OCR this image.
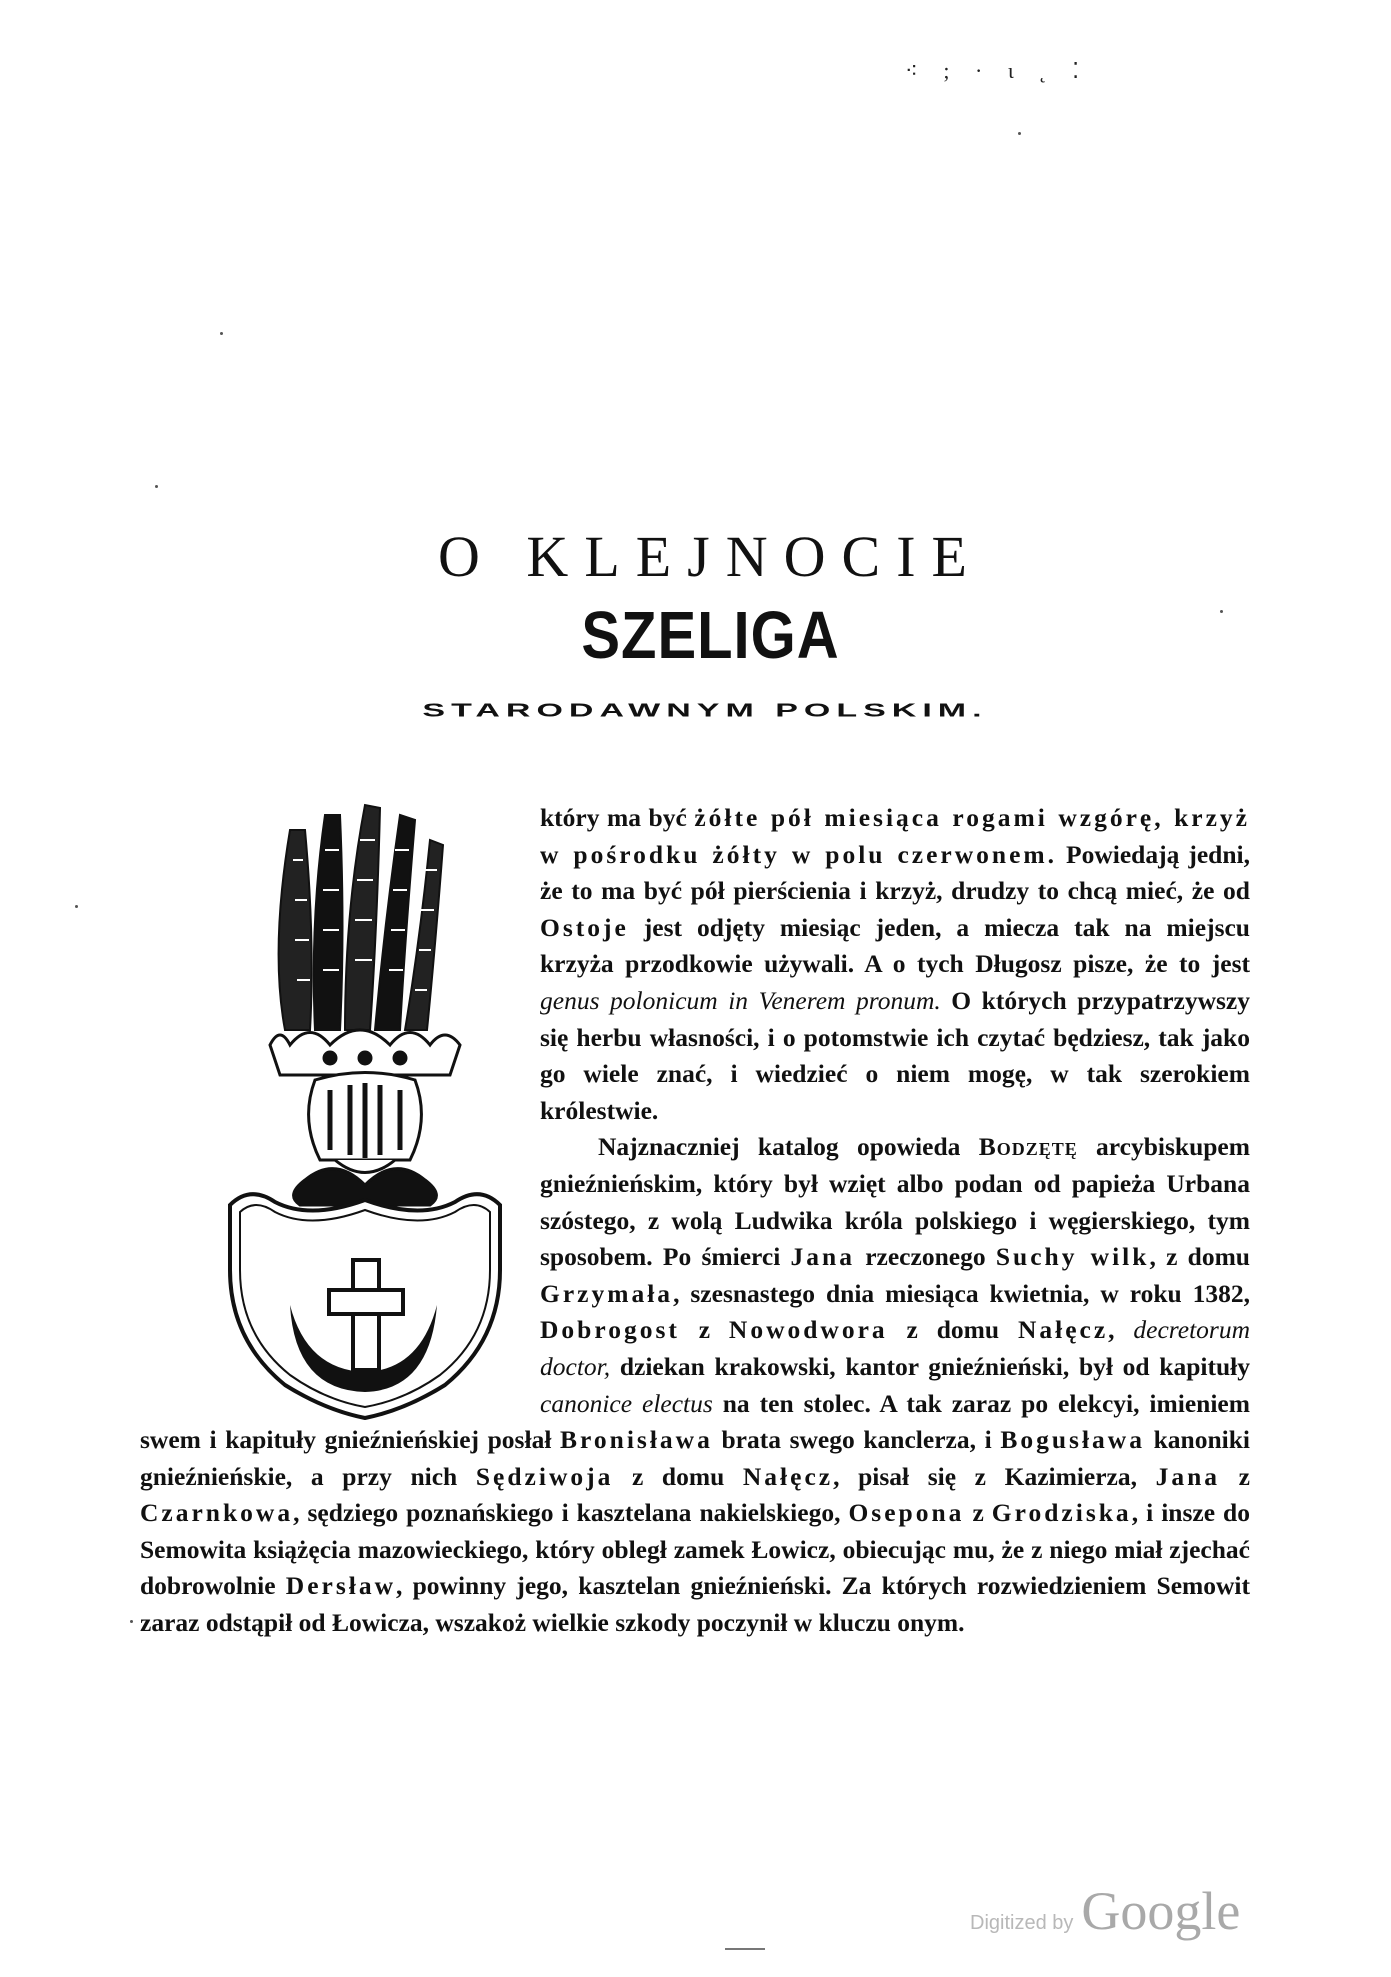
⁖ ; · ɩ ˛ ⁚
O KLEJNOCIE
SZELIGA
STARODAWNYM POLSKIM.

który ma być żółte pół miesiąca rogami wzgórę, krzyż w pośrodku żółty w polu czerwonem. Powiedają jedni, że to ma być pół pierścienia i krzyż, drudzy to chcą mieć, że od Ostoje jest odjęty miesiąc jeden, a miecza tak na miejscu krzyża przodkowie używali. A o tych Długosz pisze, że to jest genus polonicum in Venerem pronum. O których przypatrzywszy się herbu własności, i o potomstwie ich czytać będziesz, tak jako go wiele znać, i wiedzieć o niem mogę, w tak szerokiem królestwie.

Najznaczniej katalog opowieda Bodzętę arcybiskupem gnieźnieńskim, który był wzięt albo podan od papieża Urbana szóstego, z wolą Ludwika króla polskiego i węgierskiego, tym sposobem. Po śmierci Jana rzeczonego Suchy wilk, z domu Grzymała, szesnastego dnia miesiąca kwietnia, w roku 1382, Dobrogost z Nowodwora z domu Nałęcz, decretorum doctor, dziekan krakowski, kantor gnieźnieński, był od kapituły canonice electus na ten stolec. A tak zaraz po elekcyi, imieniem swem i kapituły gnieźnieńskiej posłał Bronisława brata swego kanclerza, i Bogusława kanoniki gnieźnieńskie, a przy nich Sędziwoja z domu Nałęcz, pisał się z Kazimierza, Jana z Czarnkowa, sędziego poznańskiego i kasztelana nakielskiego, Osepona z Grodziska, i insze do Semowita książęcia mazowieckiego, który obległ zamek Łowicz, obiecując mu, że z niego miał zjechać dobrowolnie Dersław, powinny jego, kasztelan gnieźnieński. Za których rozwiedzieniem Semowit zaraz odstąpił od Łowicza, wszakoż wielkie szkody poczynił w kluczu onym.

Digitized by Google
